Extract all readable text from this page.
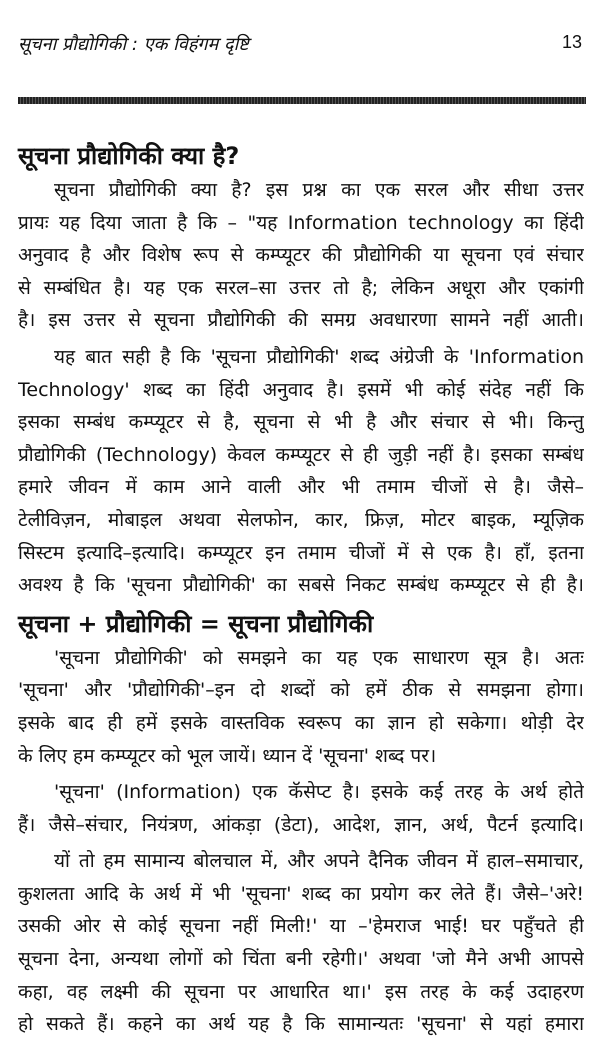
सूचना प्रौद्योगिकी : एक विहंगम दृष्टि	13
सूचना प्रौद्योगिकी क्या है?
सूचना प्रौद्योगिकी क्या है? इस प्रश्न का एक सरल और सीधा उत्तर
प्रायः यह दिया जाता है कि – "यह Information technology का हिंदी
अनुवाद है और विशेष रूप से कम्प्यूटर की प्रौद्योगिकी या सूचना एवं संचार
से सम्बंधित है। यह एक सरल–सा उत्तर तो है; लेकिन अधूरा और एकांगी
है। इस उत्तर से सूचना प्रौद्योगिकी की समग्र अवधारणा सामने नहीं आती।
यह बात सही है कि 'सूचना प्रौद्योगिकी' शब्द अंग्रेजी के 'Information
Technology' शब्द का हिंदी अनुवाद है। इसमें भी कोई संदेह नहीं कि
इसका सम्बंध कम्प्यूटर से है, सूचना से भी है और संचार से भी। किन्तु
प्रौद्योगिकी (Technology) केवल कम्प्यूटर से ही जुड़ी नहीं है। इसका सम्बंध
हमारे जीवन में काम आने वाली और भी तमाम चीजों से है। जैसे–
टेलीविज़न, मोबाइल अथवा सेलफोन, कार, फ्रिज़, मोटर बाइक, म्यूज़िक
सिस्टम इत्यादि–इत्यादि। कम्प्यूटर इन तमाम चीजों में से एक है। हाँ, इतना
अवश्य है कि 'सूचना प्रौद्योगिकी' का सबसे निकट सम्बंध कम्प्यूटर से ही है।
सूचना + प्रौद्योगिकी = सूचना प्रौद्योगिकी
'सूचना प्रौद्योगिकी' को समझने का यह एक साधारण सूत्र है। अतः
'सूचना' और 'प्रौद्योगिकी'–इन दो शब्दों को हमें ठीक से समझना होगा।
इसके बाद ही हमें इसके वास्तविक स्वरूप का ज्ञान हो सकेगा। थोड़ी देर
के लिए हम कम्प्यूटर को भूल जायें। ध्यान दें 'सूचना' शब्द पर।
'सूचना' (Information) एक कॅसेप्ट है। इसके कई तरह के अर्थ होते
हैं। जैसे–संचार, नियंत्रण, आंकड़ा (डेटा), आदेश, ज्ञान, अर्थ, पैटर्न इत्यादि।
यों तो हम सामान्य बोलचाल में, और अपने दैनिक जीवन में हाल–समाचार,
कुशलता आदि के अर्थ में भी 'सूचना' शब्द का प्रयोग कर लेते हैं। जैसे–'अरे!
उसकी ओर से कोई सूचना नहीं मिली!' या –'हेमराज भाई! घर पहुँचते ही
सूचना देना, अन्यथा लोगों को चिंता बनी रहेगी।' अथवा 'जो मैने अभी आपसे
कहा, वह लक्ष्मी की सूचना पर आधारित था।' इस तरह के कई उदाहरण
हो सकते हैं। कहने का अर्थ यह है कि सामान्यतः 'सूचना' से यहां हमारा
